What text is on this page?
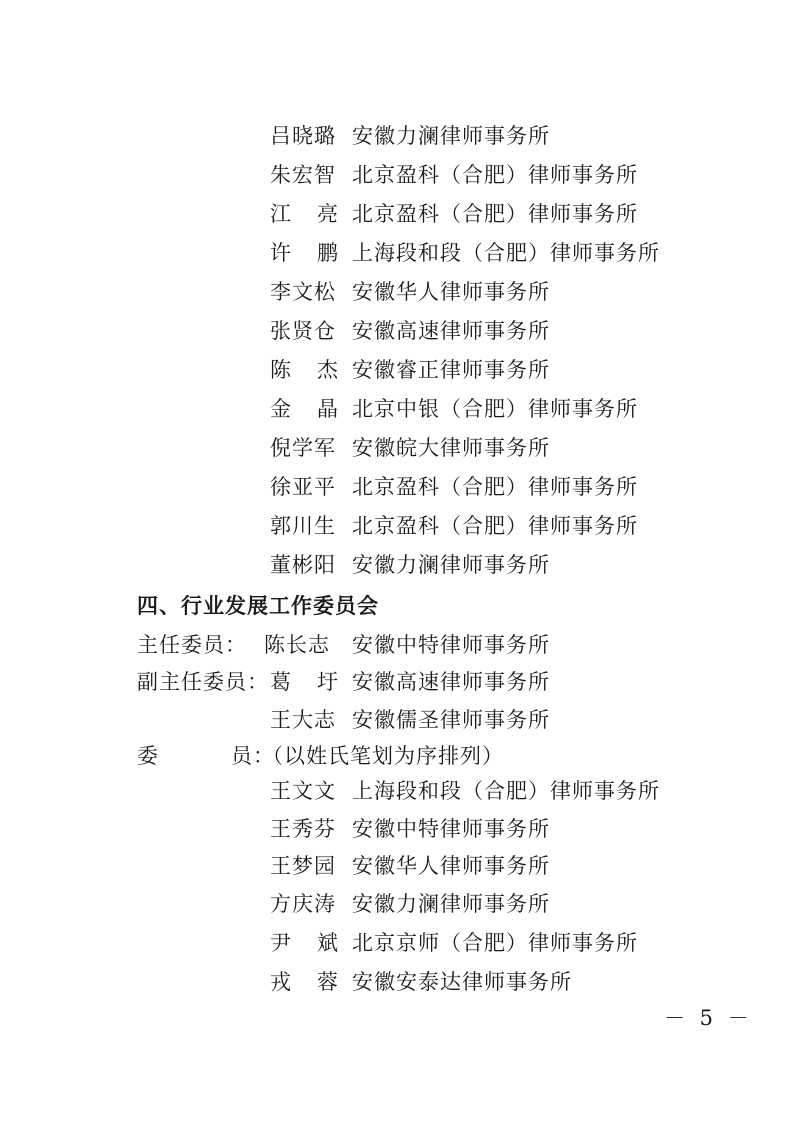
吕晓璐 安徽力澜律师事务所
朱宏智 北京盈科（合肥）律师事务所
江亮
北京盈科（合肥）律师事务所
许鹏
上海段和段（合肥）律师事务所
李文松 安徽华人律师事务所
张贤仓 安徽高速律师事务所
陈杰
安徽睿正律师事务所
金晶
北京中银（合肥）律师事务所
倪学军 安徽皖大律师事务所
徐亚平 北京盈科（合肥）律师事务所
郭川生 北京盈科（合肥）律师事务所
董彬阳 安徽力澜律师事务所
四、行业发展工作委员会
主任委员： 陈长志 安徽中特律师事务所
副主任委员： 葛圩
安徽高速律师事务所
王大志 安徽儒圣律师事务所
委	员：
（以姓氏笔划为序排列）
王文文 上海段和段（合肥）律师事务所
王秀芬 安徽中特律师事务所
王梦园 安徽华人律师事务所
方庆涛 安徽力澜律师事务所
尹斌
北京京师（合肥）律师事务所
戎蓉
安徽安泰达律师事务所
－ 5 －
